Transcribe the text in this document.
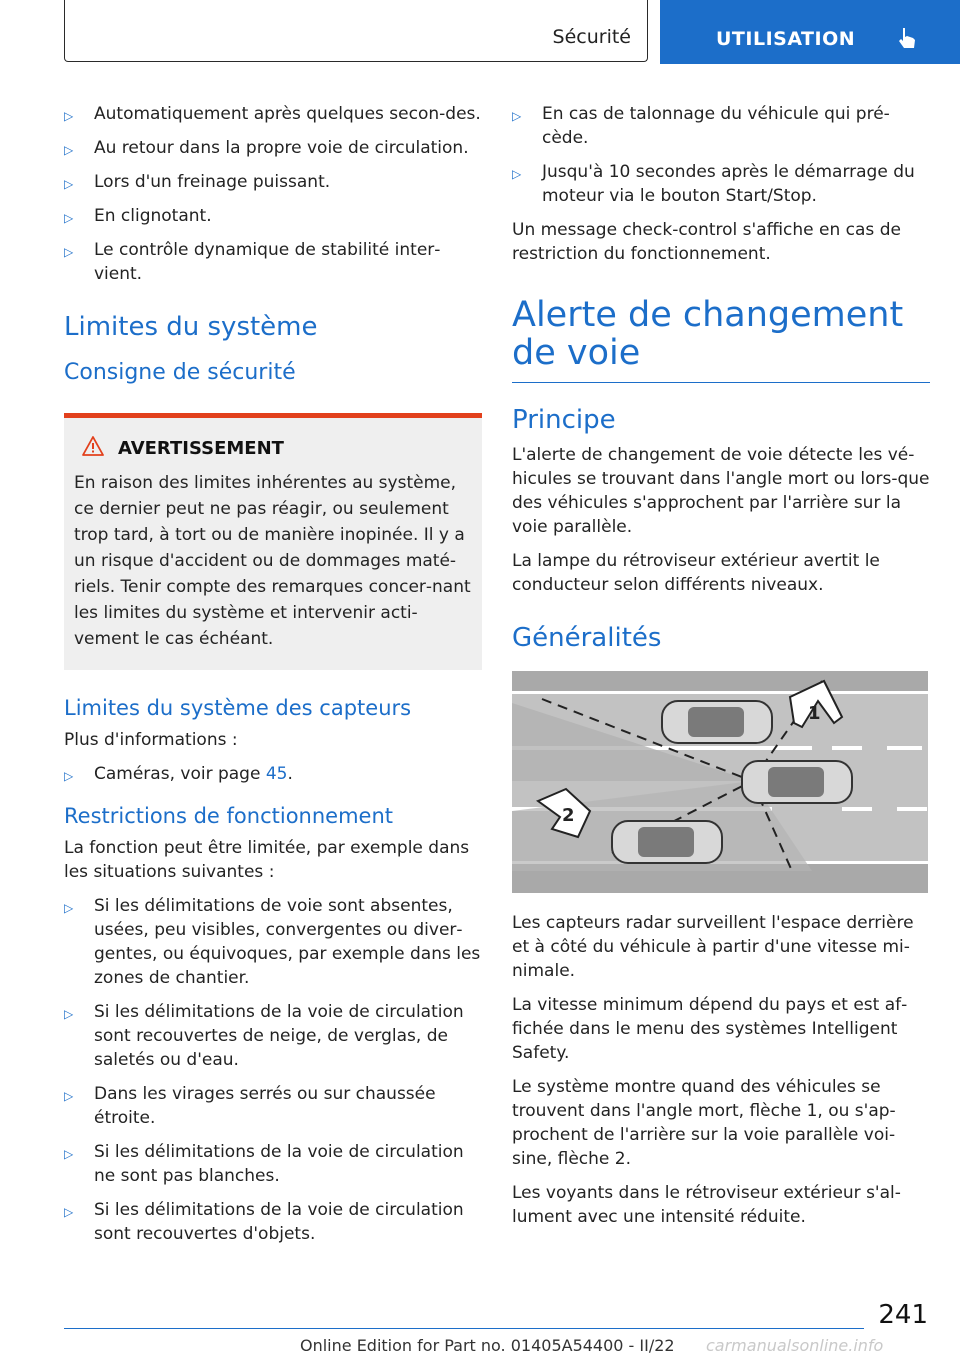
Sécurité	UTILISATION
▷ Automatiquement après quelques secon‐des.
▷ Au retour dans la propre voie de circulation.
▷ Lors d'un freinage puissant.
▷ En clignotant.
▷ Le contrôle dynamique de stabilité inter‐vient.
Limites du système
Consigne de sécurité
AVERTISSEMENT

En raison des limites inhérentes au système, ce dernier peut ne pas réagir, ou seulement trop tard, à tort ou de manière inopinée. Il y a un risque d'accident ou de dommages maté‐riels. Tenir compte des remarques concer‐nant les limites du système et intervenir acti‐vement le cas échéant.

Limites du système des capteurs

Plus d'informations :

▷ Caméras, voir page 45.
Restrictions de fonctionnement

La fonction peut être limitée, par exemple dans les situations suivantes :

▷ Si les délimitations de voie sont absentes, usées, peu visibles, convergentes ou diver‐gentes, ou équivoques, par exemple dans les zones de chantier.
▷ Si les délimitations de la voie de circulation sont recouvertes de neige, de verglas, de saletés ou d'eau.
▷ Dans les virages serrés ou sur chaussée étroite.
▷ Si les délimitations de la voie de circulation ne sont pas blanches.
▷ Si les délimitations de la voie de circulation sont recouvertes d'objets.
▷ En cas de talonnage du véhicule qui pré‐cède.
▷ Jusqu'à 10 secondes après le démarrage du moteur via le bouton Start/Stop.

Un message check-control s'affiche en cas de restriction du fonctionnement.

Alerte de changement de voie
Principe

L'alerte de changement de voie détecte les vé‐hicules se trouvant dans l'angle mort ou lors‐que des véhicules s'approchent par l'arrière sur la voie parallèle.

La lampe du rétroviseur extérieur avertit le conducteur selon différents niveaux.

Généralités
1
2

Les capteurs radar surveillent l'espace derrière et à côté du véhicule à partir d'une vitesse mi‐nimale.

La vitesse minimum dépend du pays et est af‐fichée dans le menu des systèmes Intelligent Safety.

Le système montre quand des véhicules se trouvent dans l'angle mort, flèche 1, ou s'ap‐prochent de l'arrière sur la voie parallèle voi‐sine, flèche 2.

Les voyants dans le rétroviseur extérieur s'al‐lument avec une intensité réduite.

241
Online Edition for Part no. 01405A54400 - II/22 carmanualsonline.info
